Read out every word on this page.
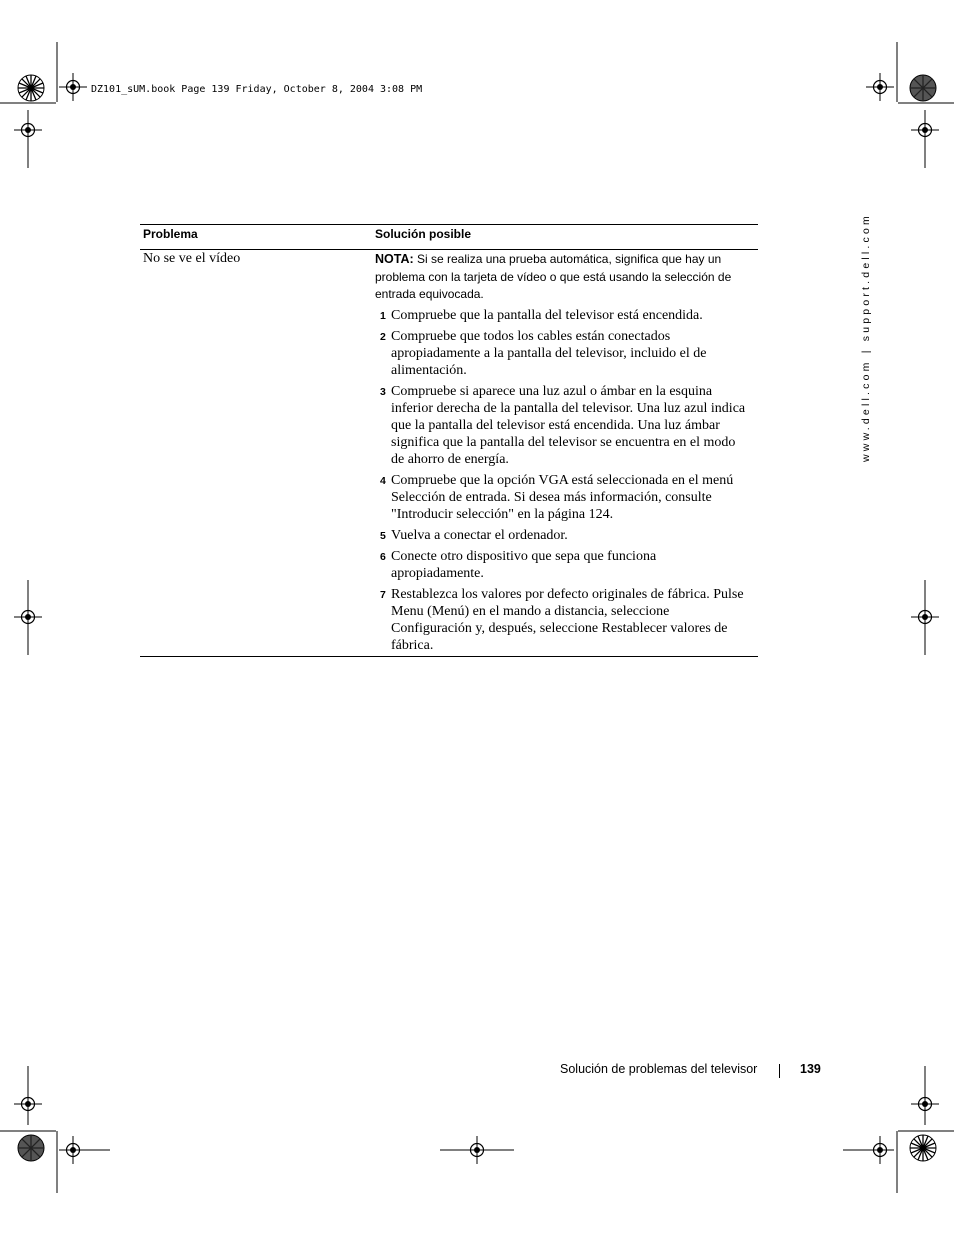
DZ101_sUM.book Page 139 Friday, October 8, 2004 3:08 PM
www.dell.com | support.dell.com
Problema	Solución posible
No se ve el vídeo	NOTA: Si se realiza una prueba automática, significa que hay un problema con la tarjeta de vídeo o que está usando la selección de entrada equivocada.

1 Compruebe que la pantalla del televisor está encendida.
2 Compruebe que todos los cables están conectados apropiadamente a la pantalla del televisor, incluido el de alimentación.
3 Compruebe si aparece una luz azul o ámbar en la esquina inferior derecha de la pantalla del televisor. Una luz azul indica que la pantalla del televisor está encendida. Una luz ámbar significa que la pantalla del televisor se encuentra en el modo de ahorro de energía.
4 Compruebe que la opción VGA está seleccionada en el menú Selección de entrada. Si desea más información, consulte "Introducir selección" en la página 124.
5 Vuelva a conectar el ordenador.
6 Conecte otro dispositivo que sepa que funciona apropiadamente.
7 Restablezca los valores por defecto originales de fábrica. Pulse Menu (Menú) en el mando a distancia, seleccione Configuración y, después, seleccione Restablecer valores de fábrica.
Solución de problemas del televisor	139
